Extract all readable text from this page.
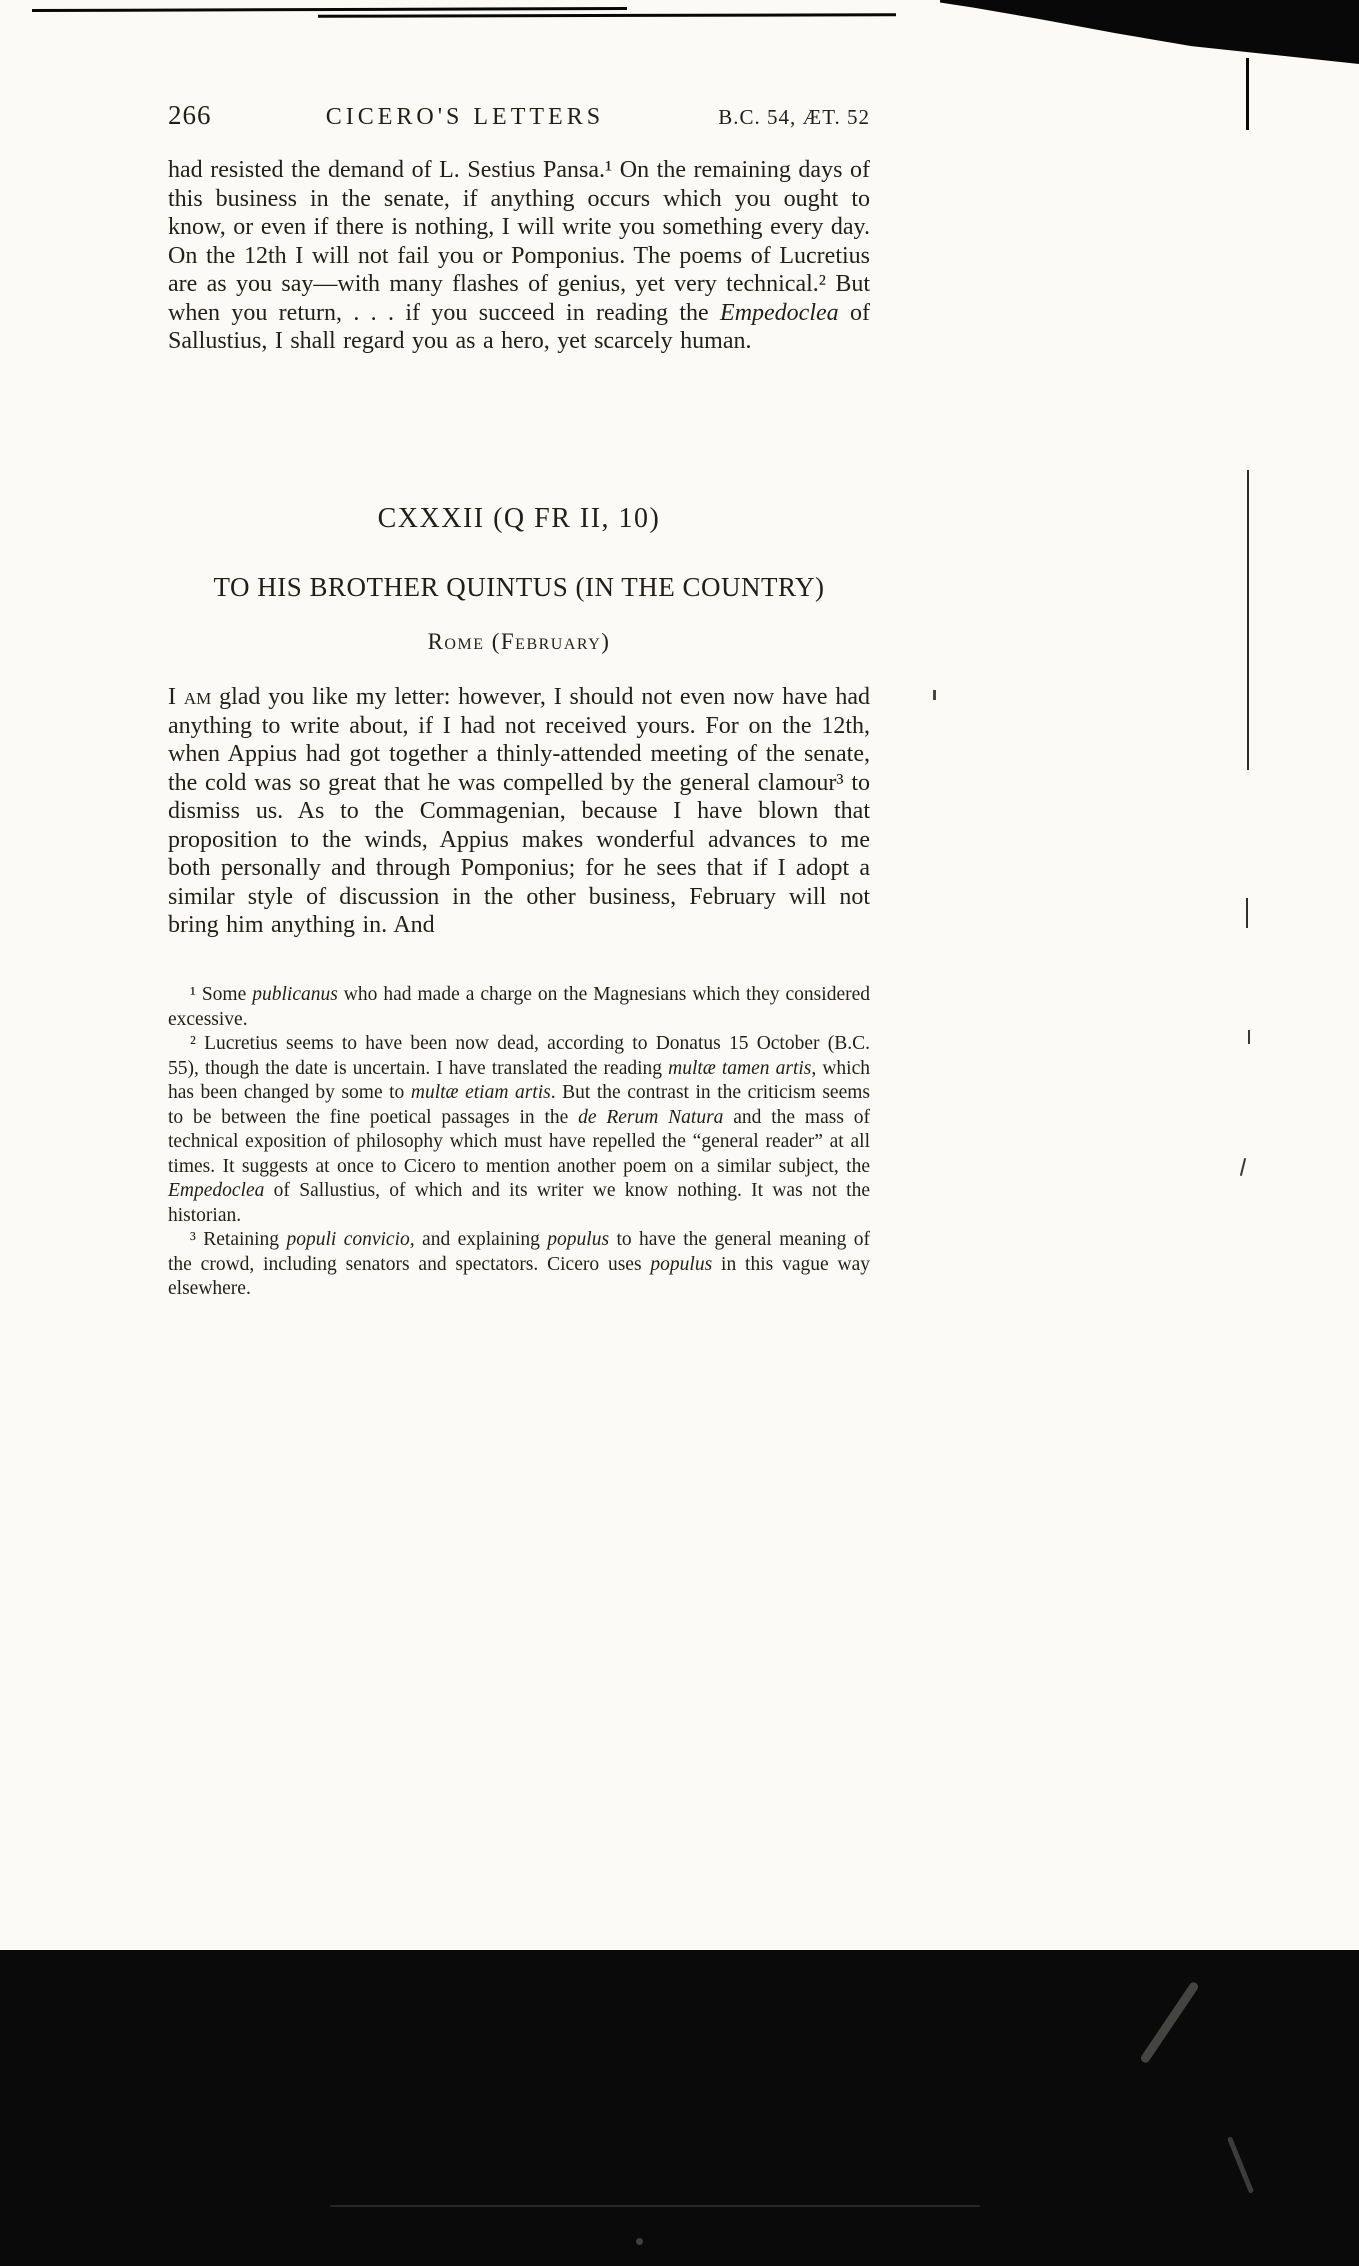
266	CICERO'S LETTERS	B.C. 54, ÆT. 52

had resisted the demand of L. Sestius Pansa.¹ On the remaining days of this business in the senate, if anything occurs which you ought to know, or even if there is nothing, I will write you something every day. On the 12th I will not fail you or Pomponius. The poems of Lucretius are as you say—with many flashes of genius, yet very technical.² But when you return, . . . if you succeed in reading the Empedoclea of Sallustius, I shall regard you as a hero, yet scarcely human.

CXXXII (Q FR II, 10)
TO HIS BROTHER QUINTUS (IN THE COUNTRY)
Rome (February)

I am glad you like my letter: however, I should not even now have had anything to write about, if I had not received yours. For on the 12th, when Appius had got together a thinly-attended meeting of the senate, the cold was so great that he was compelled by the general clamour³ to dismiss us. As to the Commagenian, because I have blown that proposition to the winds, Appius makes wonderful advances to me both personally and through Pomponius; for he sees that if I adopt a similar style of discussion in the other business, February will not bring him anything in. And

¹ Some publicanus who had made a charge on the Magnesians which they considered excessive.

² Lucretius seems to have been now dead, according to Donatus 15 October (B.C. 55), though the date is uncertain. I have translated the reading multæ tamen artis, which has been changed by some to multæ etiam artis. But the contrast in the criticism seems to be between the fine poetical passages in the de Rerum Natura and the mass of technical exposition of philosophy which must have repelled the “general reader” at all times. It suggests at once to Cicero to mention another poem on a similar subject, the Empedoclea of Sallustius, of which and its writer we know nothing. It was not the historian.

³ Retaining populi convicio, and explaining populus to have the general meaning of the crowd, including senators and spectators. Cicero uses populus in this vague way elsewhere.
